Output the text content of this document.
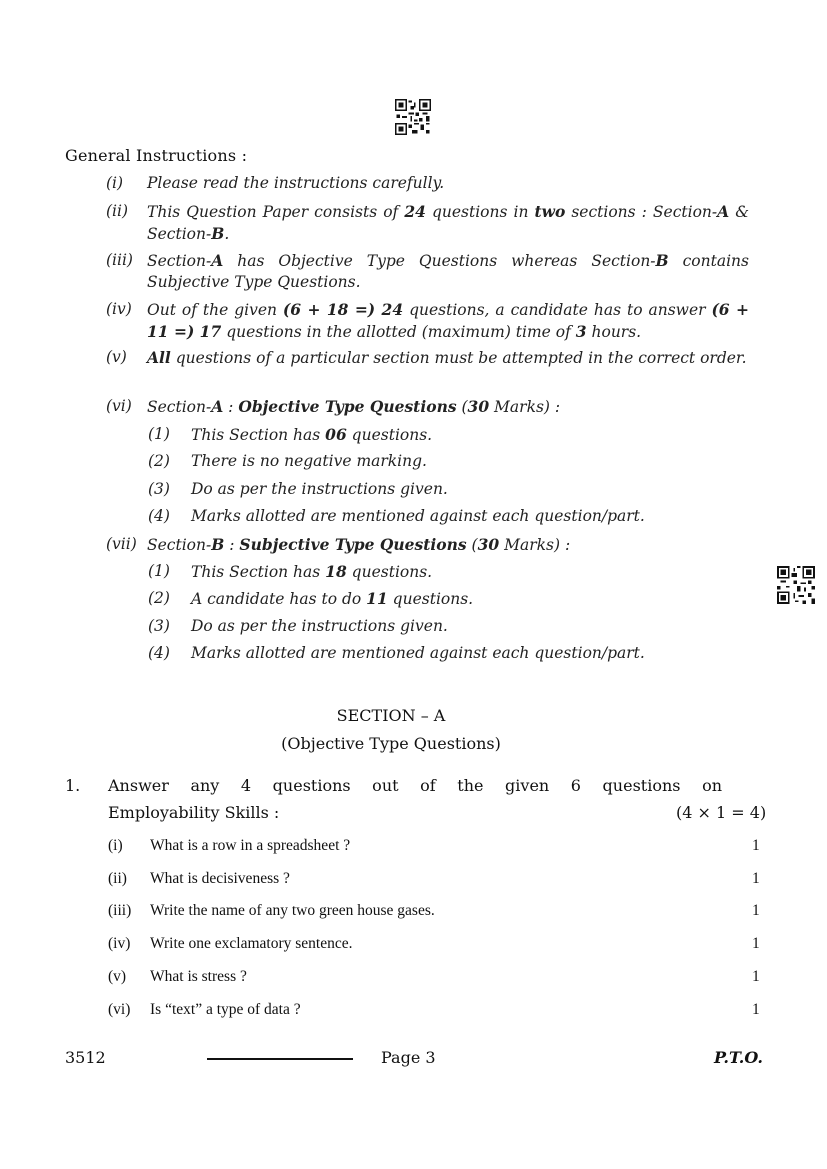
General Instructions :
(i) Please read the instructions carefully.
(ii) This Question Paper consists of 24 questions in two sections : Section-A & Section-B.
(iii) Section-A has Objective Type Questions whereas Section-B contains Subjective Type Questions.
(iv) Out of the given (6 + 18 =) 24 questions, a candidate has to answer (6 + 11 =) 17 questions in the allotted (maximum) time of 3 hours.
(v) All questions of a particular section must be attempted in the correct order.
(vi) Section-A : Objective Type Questions (30 Marks) :
(1) This Section has 06 questions.
(2) There is no negative marking.
(3) Do as per the instructions given.
(4) Marks allotted are mentioned against each question/part.
(vii) Section-B : Subjective Type Questions (30 Marks) :
(1) This Section has 18 questions.
(2) A candidate has to do 11 questions.
(3) Do as per the instructions given.
(4) Marks allotted are mentioned against each question/part.
SECTION – A
(Objective Type Questions)
1. Answer any 4 questions out of the given 6 questions on
Employability Skills :	(4 × 1 = 4)
(i) What is a row in a spreadsheet ?	1
(ii) What is decisiveness ?	1
(iii) Write the name of any two green house gases.	1
(iv) Write one exclamatory sentence.	1
(v) What is stress ?	1
(vi) Is “text” a type of data ?	1
3512	Page 3	P.T.O.
